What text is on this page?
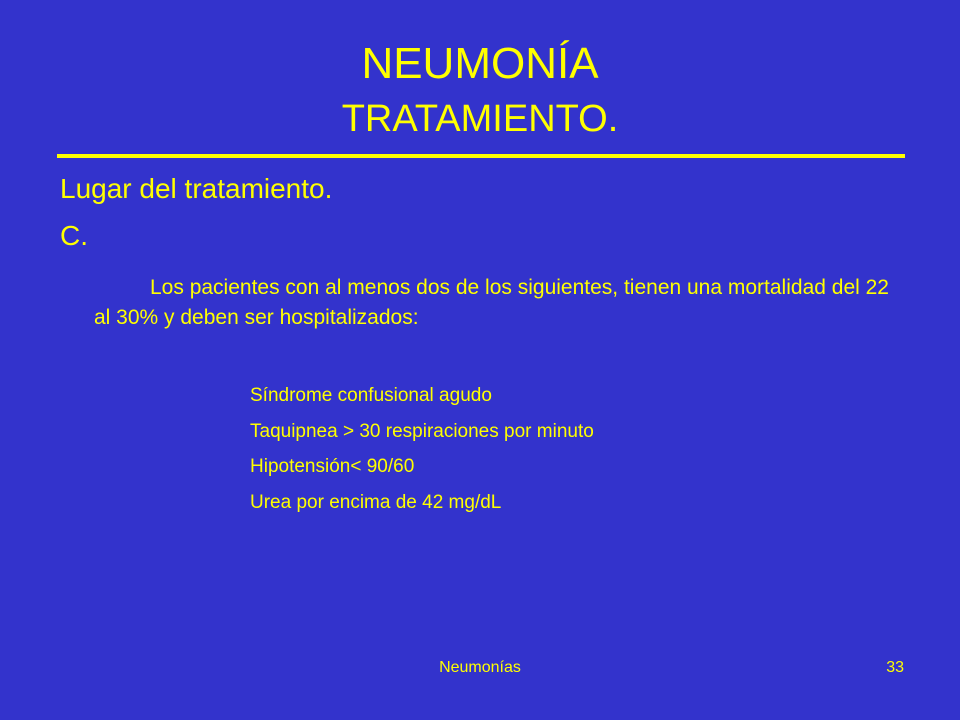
NEUMONÍA
TRATAMIENTO.
Lugar del tratamiento.
C.
Los pacientes con al menos dos de los siguientes, tienen una mortalidad del 22 al 30% y deben ser hospitalizados:
Síndrome confusional agudo
Taquipnea > 30 respiraciones por minuto
Hipotensión< 90/60
Urea por encima de 42 mg/dL
Neumonías	33
